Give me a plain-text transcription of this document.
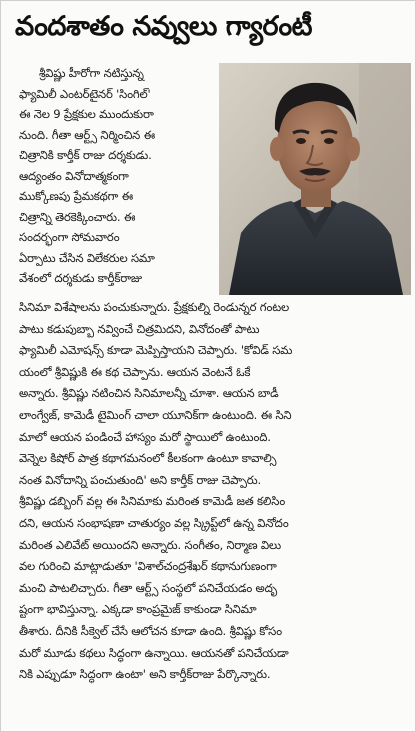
వందశాతం నవ్వులు గ్యారంటీ
శ్రీవిష్ణు హీరోగా నటిస్తున్న
ఫ్యామిలీ ఎంటర్‌టైనర్‌ 'సింగిల్‌'
ఈ నెల 9 ప్రేక్షకుల ముందుకురా
నుంది. గీతా ఆర్ట్స్‌ నిర్మించిన ఈ
చిత్రానికి కార్తీక్‌ రాజు దర్శకుడు.
ఆద్యంతం వినోదాత్మకంగా
ముక్కోణపు ప్రేమకథగా ఈ
చిత్రాన్ని తెరకెక్కించారు. ఈ
సందర్భంగా సోమవారం
ఏర్పాటు చేసిన విలేకరుల సమా
వేశంలో దర్శకుడు కార్తీక్‌రాజు
సినిమా విశేషాలను పంచుకున్నారు. ప్రేక్షకుల్ని రెండున్నర గంటల
పాటు కడుపుబ్బా నవ్వించే చిత్రమిదని, వినోదంతో పాటు
ఫ్యామిలీ ఎమోషన్స్‌ కూడా మెప్పిస్తాయని చెప్పారు. 'కోవిడ్‌ సమ
యంలో శ్రీవిష్ణుకి ఈ కథ చెప్పాను. ఆయన వెంటనే ఓకే
అన్నారు. శ్రీవిష్ణు నటించిన సినిమాలన్నీ చూశా. ఆయన బాడీ
లాంగ్వేజ్‌, కామెడీ టైమింగ్‌ చాలా యూనిక్‌గా ఉంటుంది. ఈ సిని
మాలో ఆయన పండించే హాస్యం మరో స్థాయిలో ఉంటుంది.
వెన్నెల కిషోర్‌ పాత్ర కథాగమనంలో కీలకంగా ఉంటూ కావాల్సి
నంత వినోదాన్ని పంచుతుంది' అని కార్తీక్‌ రాజు చెప్పారు.
శ్రీవిష్ణు డబ్బింగ్‌ వల్ల ఈ సినిమాకు మరింత కామెడీ జత కలిసిం
దని, ఆయన సంభాషణా చాతుర్యం వల్ల స్క్రిప్ట్‌లో ఉన్న వినోదం
మరింత ఎలివేట్‌ అయిందని అన్నారు. సంగీతం, నిర్మాణ విలు
వల గురించి మాట్లాడుతూ 'విశాల్‌చంద్రశేఖర్‌ కథానుగుణంగా
మంచి పాటలిచ్చారు. గీతా ఆర్ట్స్‌ సంస్థలో పనిచేయడం అదృ
ష్టంగా భావిస్తున్నా. ఎక్కడా కాంప్రమైజ్‌ కాకుండా సినిమా
తీశారు. దీనికి సీక్వెల్‌ చేసే ఆలోచన కూడా ఉంది. శ్రీవిష్ణు కోసం
మరో మూడు కథలు సిద్ధంగా ఉన్నాయి. ఆయనతో పనిచేయడా
నికి ఎప్పుడూ సిద్ధంగా ఉంటా' అని కార్తీక్‌రాజు పేర్కొన్నారు.
